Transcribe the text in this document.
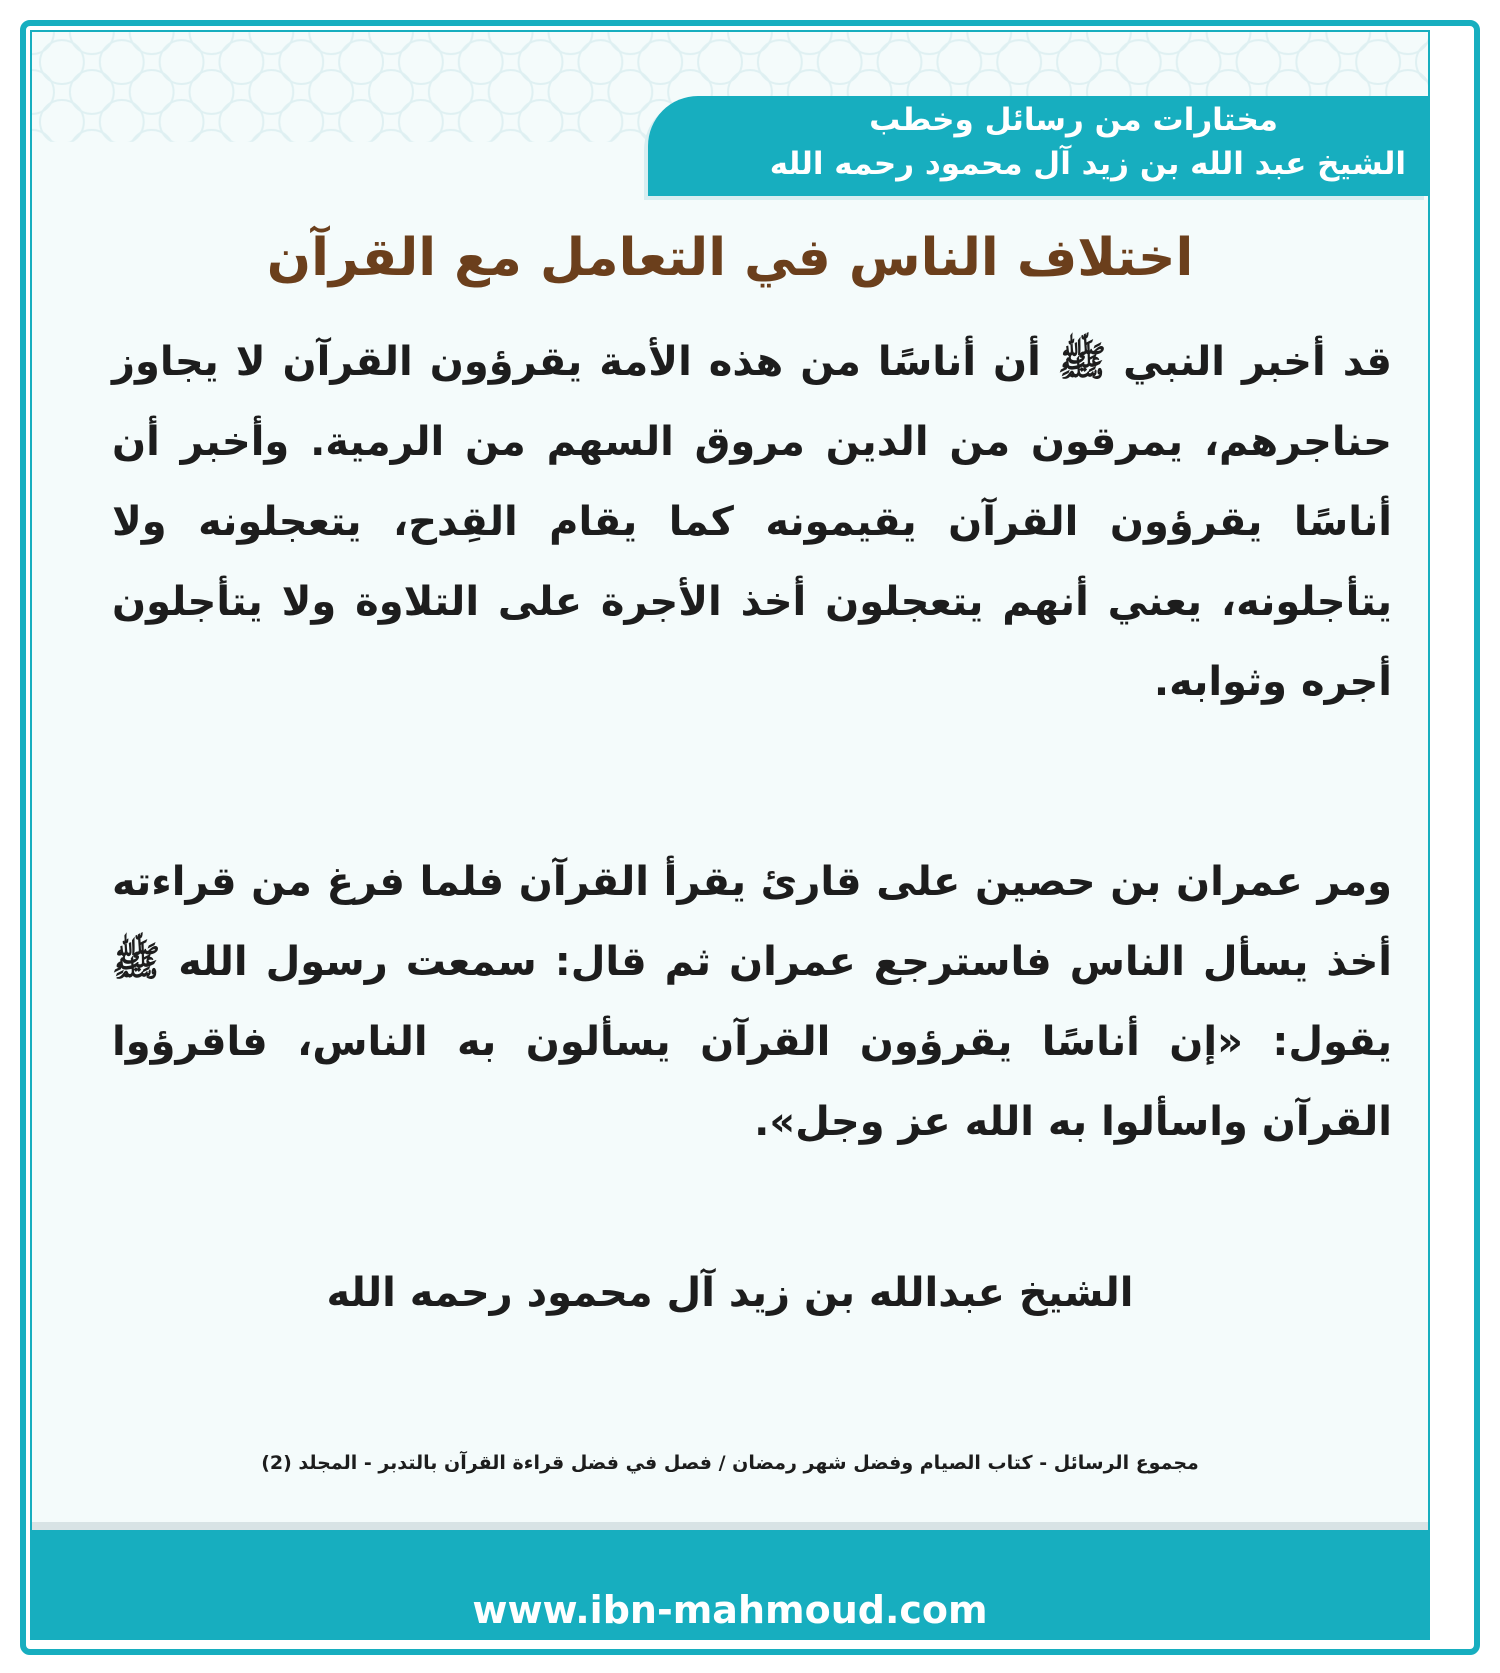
مختارات من رسائل وخطب
الشيخ عبد الله بن زيد آل محمود رحمه الله
اختلاف الناس في التعامل مع القرآن

قد أخبر النبي ﷺ أن أناسًا من هذه الأمة يقرؤون القرآن لا يجاوز حناجرهم، يمرقون من الدين مروق السهم من الرمية. وأخبر أن أناسًا يقرؤون القرآن يقيمونه كما يقام القِدح، يتعجلونه ولا يتأجلونه، يعني أنهم يتعجلون أخذ الأجرة على التلاوة ولا يتأجلون أجره وثوابه.

ومر عمران بن حصين على قارئ يقرأ القرآن فلما فرغ من قراءته أخذ يسأل الناس فاسترجع عمران ثم قال: سمعت رسول الله ﷺ يقول: «إن أناسًا يقرؤون القرآن يسألون به الناس، فاقرؤوا القرآن واسألوا به الله عز وجل».

الشيخ عبدالله بن زيد آل محمود رحمه الله
مجموع الرسائل - كتاب الصيام وفضل شهر رمضان / فصل في فضل قراءة القرآن بالتدبر - المجلد (2)
www.ibn-mahmoud.com
